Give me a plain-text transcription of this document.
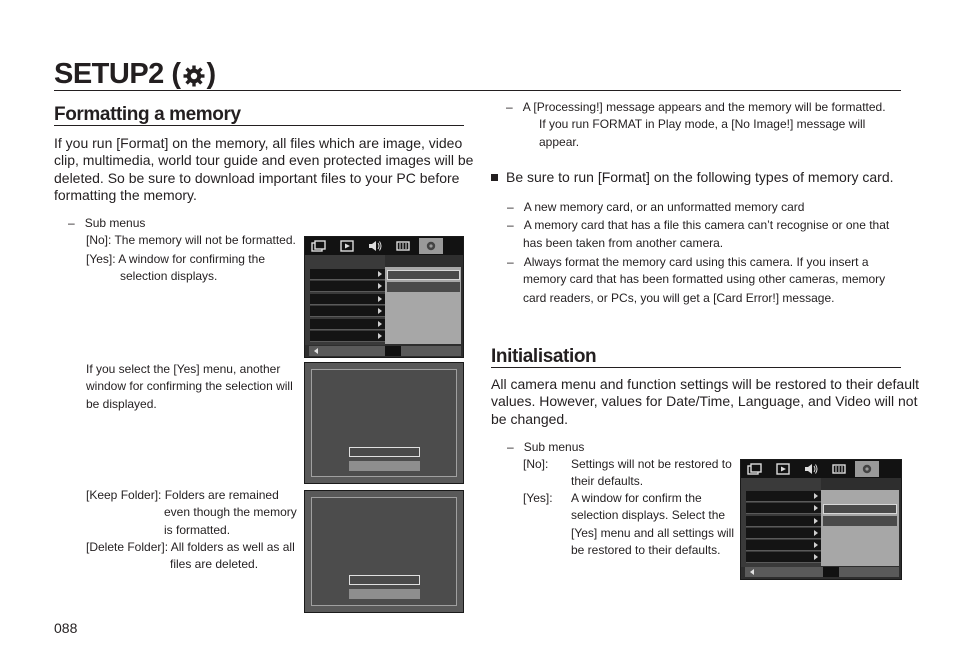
SETUP2 ( )
Formatting a memory
If you run [Format] on the memory, all files which are image, video
clip, multimedia, world tour guide and even protected images will be
deleted. So be sure to download important files to your PC before
formatting the memory.
– Sub menus
[No]: The memory will not be formatted.
[Yes]: A window for confirming the
selection displays.
If you select the [Yes] menu, another
window for confirming the selection will
be displayed.
[Keep Folder]: Folders are remained
even though the memory
is formatted.
[Delete Folder]: All folders as well as all
files are deleted.
088
– A [Processing!] message appears and the memory will be formatted.
If you run FORMAT in Play mode, a [No Image!] message will
appear.
Be sure to run [Format] on the following types of memory card.
– A new memory card, or an unformatted memory card
– A memory card that has a file this camera can’t recognise or one that
has been taken from another camera.
– Always format the memory card using this camera. If you insert a
memory card that has been formatted using other cameras, memory
card readers, or PCs, you will get a [Card Error!] message.
Initialisation
All camera menu and function settings will be restored to their default
values. However, values for Date/Time, Language, and Video will not
be changed.
– Sub menus
[No]: Settings will not be restored to
their defaults.
[Yes]: A window for confirm the
selection displays. Select the
[Yes] menu and all settings will
be restored to their defaults.
